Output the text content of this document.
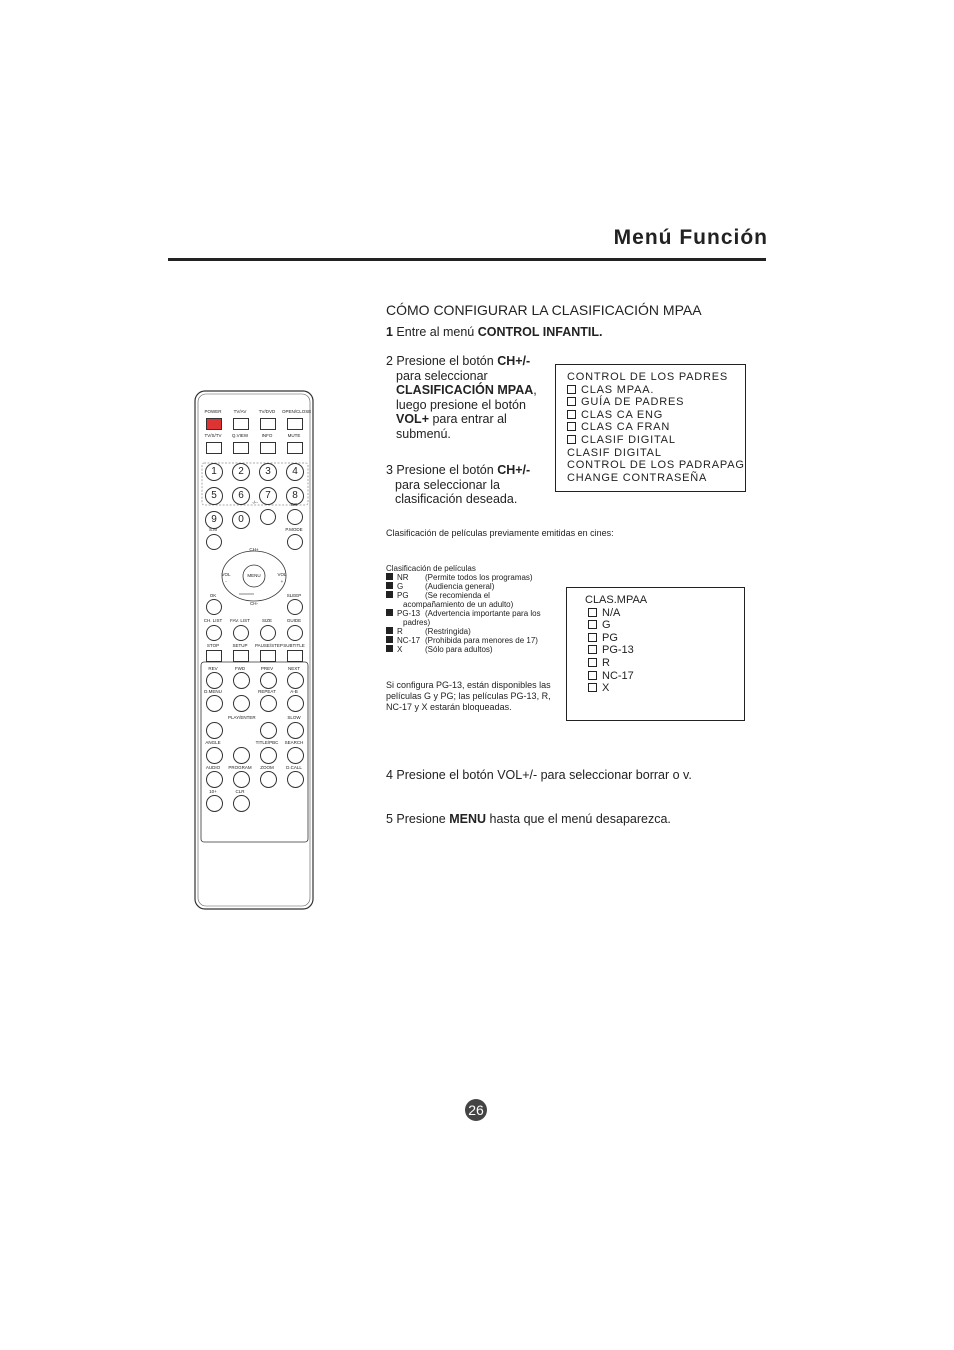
Menú Función
CÓMO CONFIGURAR LA CLASIFICACIÓN MPAA
1 Entre al menú CONTROL INFANTIL.
2 Presione el botón CH+/-
para seleccionar
CLASIFICACIÓN MPAA,
luego presione el botón
VOL+ para entrar al
submenú.
3 Presione el botón CH+/-
para seleccionar la
clasificación deseada.
CONTROL DE LOS PADRES
CLAS MPAA.
GUÍA DE PADRES
CLAS CA ENG
CLAS CA FRAN
CLASIF DIGITAL
CLASIF DIGITAL
CONTROL DE LOS PADRAPAG
CHANGE CONTRASEÑA
Clasificación de películas previamente emitidas en cines:
Clasificación de películas
NR (Permite todos los programas)
G	(Audiencia general)
PG (Se recomienda el
acompañamiento de un adulto)
PG-13 (Advertencia importante para los
padres)
R	(Restringida)
NC-17 (Prohibida para menores de 17)
X	(Sólo para adultos)
Si configura PG-13, están disponibles las
películas G y PG; las películas PG-13, R,
NC-17 y X estarán bloqueadas.
CLAS.MPAA
N/A
G
PG
PG-13
R
NC-17
X
4 Presione el botón VOL+/- para seleccionar borrar o v.
5 Presione MENU hasta que el menú desaparezca.
POWER	TV/AV	TV/DVD	OPEN/CLOSE
TV/S/TV	Q.VIEW	INFO	MUTE
1	2	3	4
5	6	7	8
9	0
S.M
-/--	CC
P.MODE
CH+
CH-
VOL	VOL
-	+
MENU
OK	SLEEP
CH. LIST	FAV. LIST	SIZE	GUIDE
STOP	SETUP	PAUSE/STEP SUBTITLE
REV	FWD	PREV	NEXT
D.MENU	REPEAT	A-B
PLAY/ENTER	SLOW
ANGLE	TITLE/PBC	SEARCH
AUDIO	PROGRAM	ZOOM	D.CALL
10+	CLR
26
